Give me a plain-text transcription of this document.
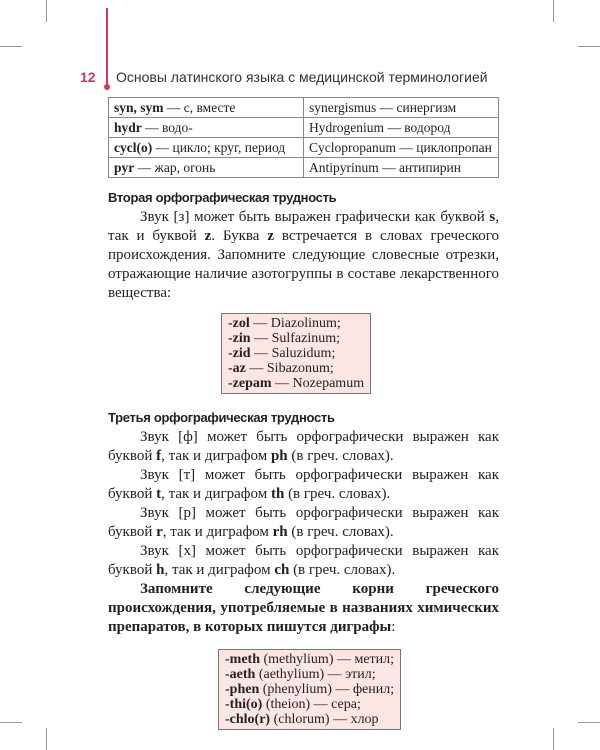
12 Основы латинского языка с медицинской терминологией
syn, sym — с, вместе	synergismus — синергизм
hydr — водо-	Hydrogenium — водород
cycl(o) — цикло; круг, период	Cyclopropanum — циклопропан
pyr — жар, огонь	Antipyrinum — антипирин
Вторая орфографическая трудность

Звук [з] может быть выражен графически как буквой s, так и буквой z. Буква z встречается в словах греческого происхождения. Запомните следующие словесные отрезки, отражающие наличие азотогруппы в составе лекарственного вещества:

-zol — Diazolinum;
-zin — Sulfazinum;
-zid — Saluzidum;
-az — Sibazonum;
-zepam — Nozepamum
Третья орфографическая трудность

Звук [ф] может быть орфографически выражен как буквой f, так и диграфом ph (в греч. словах).

Звук [т] может быть орфографически выражен как буквой t, так и диграфом th (в греч. словах).

Звук [р] может быть орфографически выражен как буквой r, так и диграфом rh (в греч. словах).

Звук [х] может быть орфографически выражен как буквой h, так и диграфом ch (в греч. словах).

Запомните следующие корни греческого происхождения, употребляемые в названиях химических препаратов, в которых пишутся диграфы:

-meth (methylium) — метил;
-aeth (aethylium) — этил;
-phen (phenylium) — фенил;
-thi(o) (theion) — сера;
-chlo(r) (chlorum) — хлор
